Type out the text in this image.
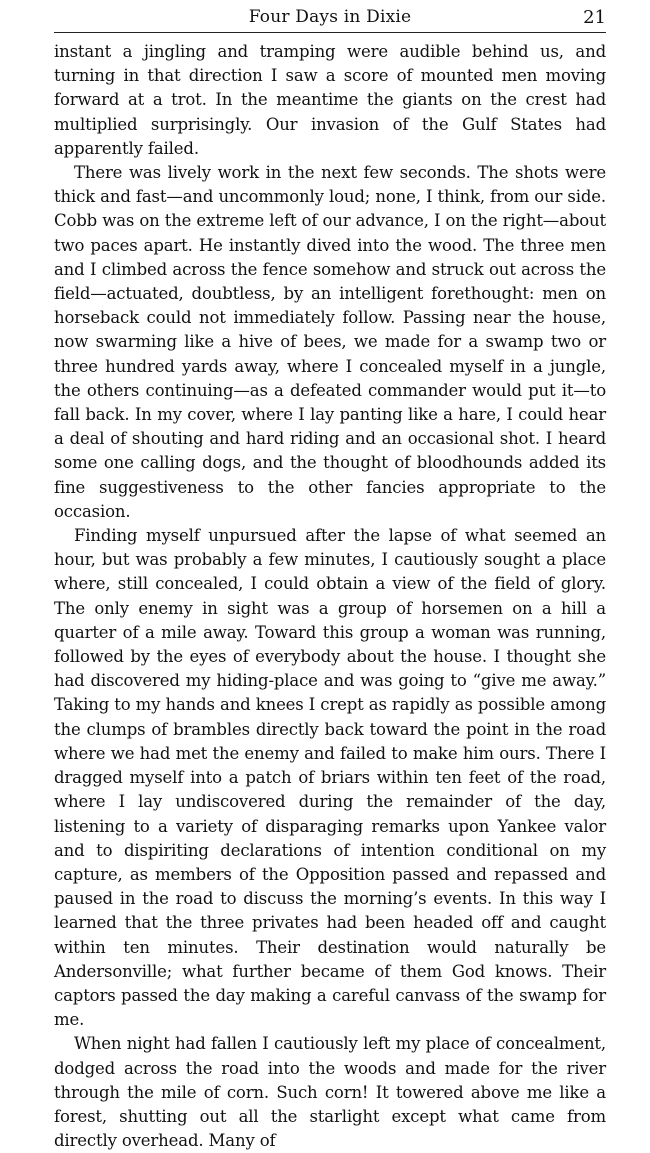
Four Days in Dixie	21

instant a jingling and tramping were audible behind us, and turning in that direction I saw a score of mounted men moving forward at a trot. In the meantime the giants on the crest had multiplied surprisingly. Our invasion of the Gulf States had apparently failed.

There was lively work in the next few seconds. The shots were thick and fast—and uncommonly loud; none, I think, from our side. Cobb was on the extreme left of our advance, I on the right—about two paces apart. He instantly dived into the wood. The three men and I climbed across the fence somehow and struck out across the field—actuated, doubtless, by an intelligent forethought: men on horseback could not immediately follow. Passing near the house, now swarming like a hive of bees, we made for a swamp two or three hundred yards away, where I concealed myself in a jungle, the others continuing—as a defeated commander would put it—to fall back. In my cover, where I lay panting like a hare, I could hear a deal of shouting and hard riding and an occasional shot. I heard some one calling dogs, and the thought of bloodhounds added its fine suggestiveness to the other fancies appropriate to the occasion.

Finding myself unpursued after the lapse of what seemed an hour, but was probably a few minutes, I cautiously sought a place where, still concealed, I could obtain a view of the field of glory. The only enemy in sight was a group of horsemen on a hill a quarter of a mile away. Toward this group a woman was running, followed by the eyes of everybody about the house. I thought she had discovered my hiding-place and was going to “give me away.” Taking to my hands and knees I crept as rapidly as possible among the clumps of brambles directly back toward the point in the road where we had met the enemy and failed to make him ours. There I dragged myself into a patch of briars within ten feet of the road, where I lay undiscovered during the remainder of the day, listening to a variety of disparaging remarks upon Yankee valor and to dispiriting declarations of intention conditional on my capture, as members of the Opposition passed and repassed and paused in the road to discuss the morning’s events. In this way I learned that the three privates had been headed off and caught within ten minutes. Their destination would naturally be Andersonville; what further became of them God knows. Their captors passed the day making a careful canvass of the swamp for me.

When night had fallen I cautiously left my place of concealment, dodged across the road into the woods and made for the river through the mile of corn. Such corn! It towered above me like a forest, shutting out all the starlight except what came from directly overhead. Many of
